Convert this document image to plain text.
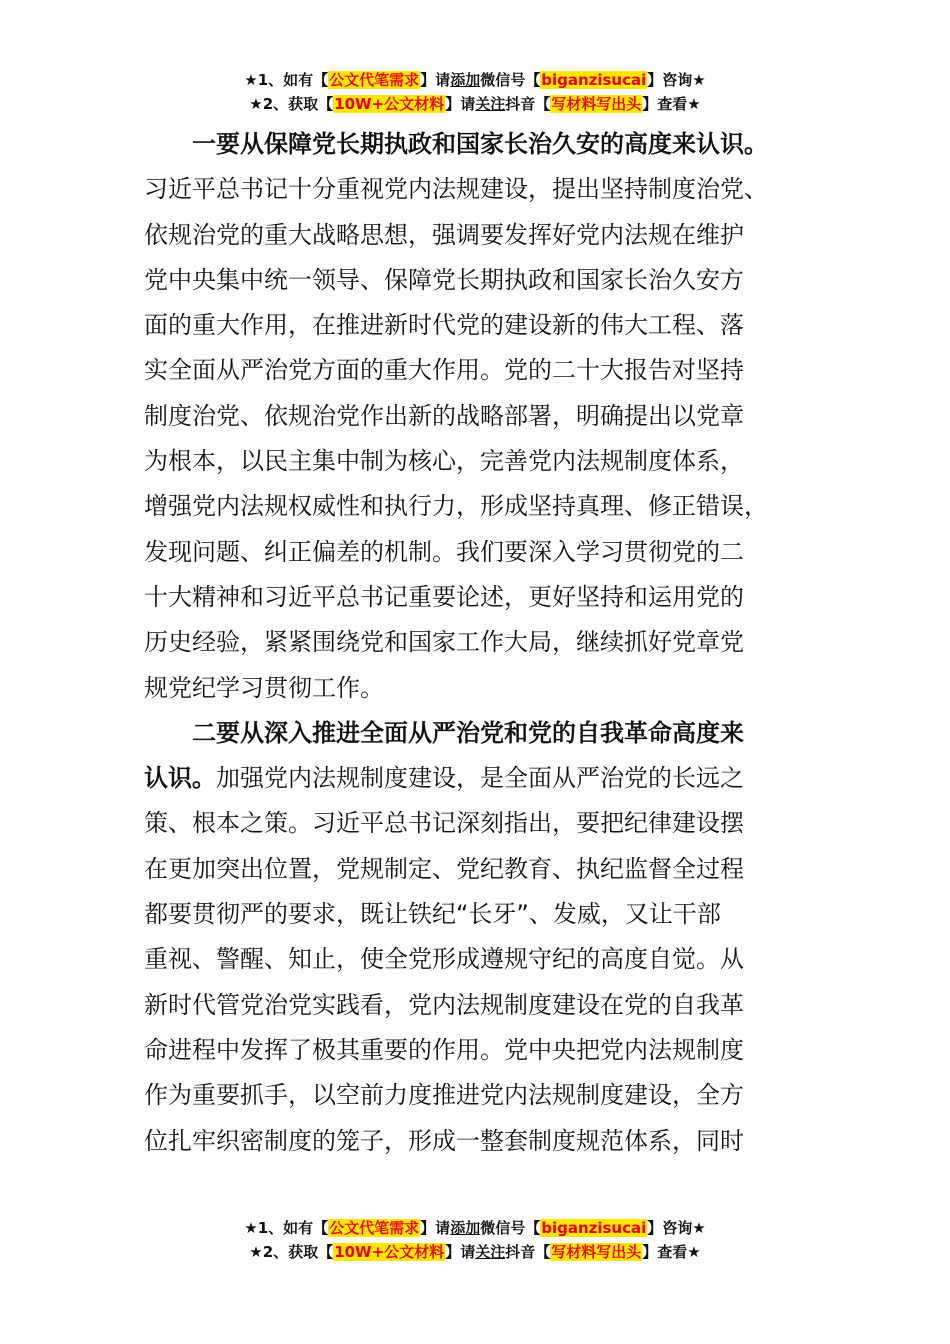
★1、如有【公文代笔需求】请添加微信号【biganzisucai】咨询★
★2、获取【10W+公文材料】请关注抖音【写材料写出头】查看★

一要从保障党长期执政和国家长治久安的高度来认识。
习近平总书记十分重视党内法规建设，提出坚持制度治党、
依规治党的重大战略思想，强调要发挥好党内法规在维护
党中央集中统一领导、保障党长期执政和国家长治久安方
面的重大作用，在推进新时代党的建设新的伟大工程、落
实全面从严治党方面的重大作用。党的二十大报告对坚持
制度治党、依规治党作出新的战略部署，明确提出以党章
为根本，以民主集中制为核心，完善党内法规制度体系，
增强党内法规权威性和执行力，形成坚持真理、修正错误，
发现问题、纠正偏差的机制。我们要深入学习贯彻党的二
十大精神和习近平总书记重要论述，更好坚持和运用党的
历史经验，紧紧围绕党和国家工作大局，继续抓好党章党
规党纪学习贯彻工作。

二要从深入推进全面从严治党和党的自我革命高度来
认识。加强党内法规制度建设，是全面从严治党的长远之
策、根本之策。习近平总书记深刻指出，要把纪律建设摆
在更加突出位置，党规制定、党纪教育、执纪监督全过程
都要贯彻严的要求，既让铁纪“长牙”、发威，又让干部
重视、警醒、知止，使全党形成遵规守纪的高度自觉。从
新时代管党治党实践看，党内法规制度建设在党的自我革
命进程中发挥了极其重要的作用。党中央把党内法规制度
作为重要抓手，以空前力度推进党内法规制度建设，全方
位扎牢织密制度的笼子，形成一整套制度规范体系，同时

★1、如有【公文代笔需求】请添加微信号【biganzisucai】咨询★
★2、获取【10W+公文材料】请关注抖音【写材料写出头】查看★
